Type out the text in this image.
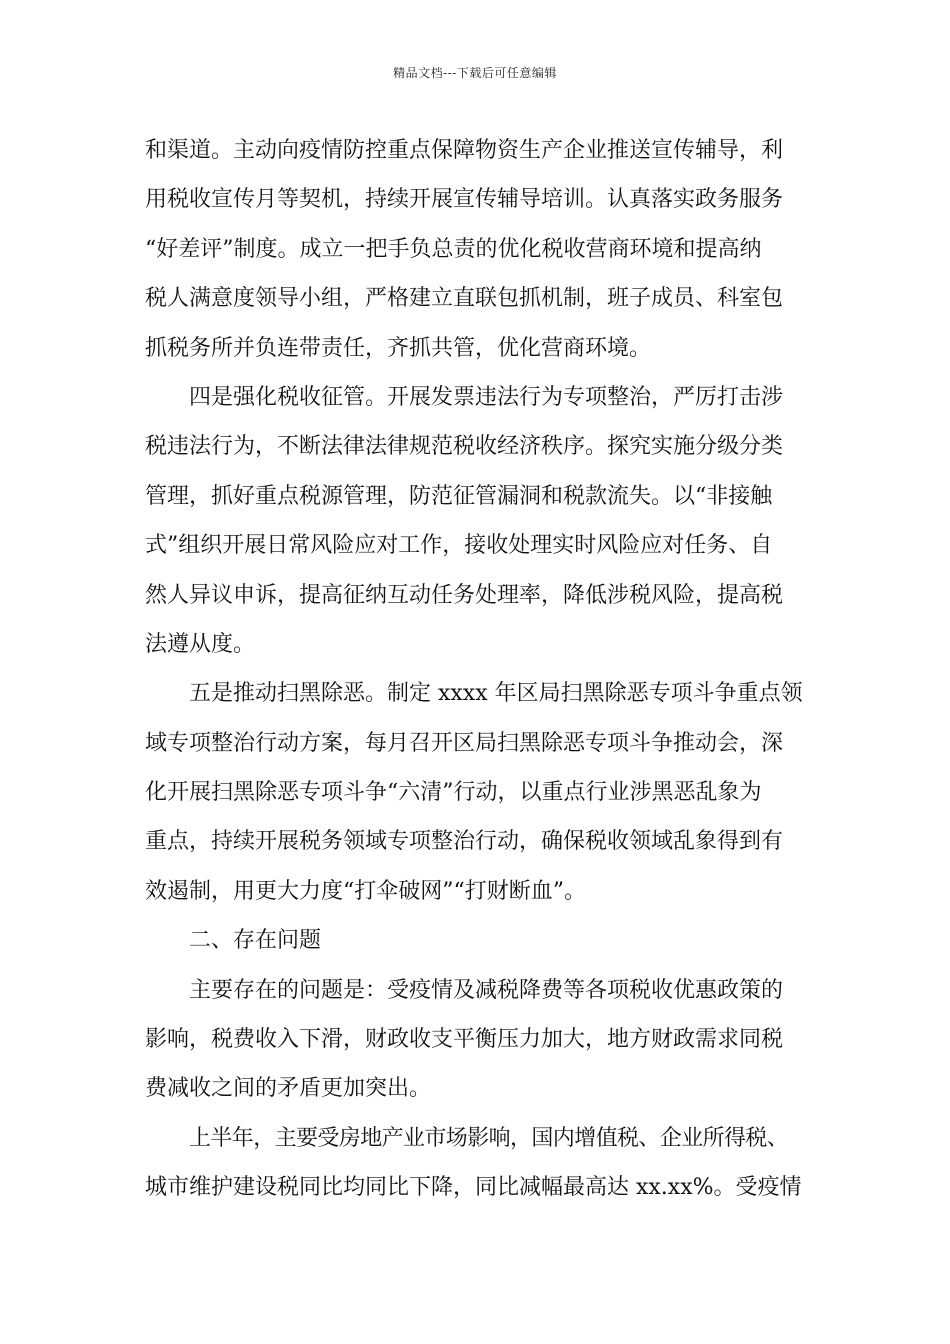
精品文档---下载后可任意编辑
和渠道。主动向疫情防控重点保障物资生产企业推送宣传辅导，利
用税收宣传月等契机，持续开展宣传辅导培训。认真落实政务服务
“好差评”制度。成立一把手负总责的优化税收营商环境和提高纳
税人满意度领导小组，严格建立直联包抓机制，班子成员、科室包
抓税务所并负连带责任，齐抓共管，优化营商环境。
四是强化税收征管。开展发票违法行为专项整治，严厉打击涉
税违法行为，不断法律法律规范税收经济秩序。探究实施分级分类
管理，抓好重点税源管理，防范征管漏洞和税款流失。以“非接触
式”组织开展日常风险应对工作，接收处理实时风险应对任务、自
然人异议申诉，提高征纳互动任务处理率，降低涉税风险，提高税
法遵从度。
五是推动扫黑除恶。制定 xxxx 年区局扫黑除恶专项斗争重点领
域专项整治行动方案，每月召开区局扫黑除恶专项斗争推动会，深
化开展扫黑除恶专项斗争“六清”行动，以重点行业涉黑恶乱象为
重点，持续开展税务领域专项整治行动，确保税收领域乱象得到有
效遏制，用更大力度“打伞破网”“打财断血”。
二、存在问题
主要存在的问题是：受疫情及减税降费等各项税收优惠政策的
影响，税费收入下滑，财政收支平衡压力加大，地方财政需求同税
费减收之间的矛盾更加突出。
上半年，主要受房地产业市场影响，国内增值税、企业所得税、
城市维护建设税同比均同比下降，同比减幅最高达 xx.xx%。受疫情
